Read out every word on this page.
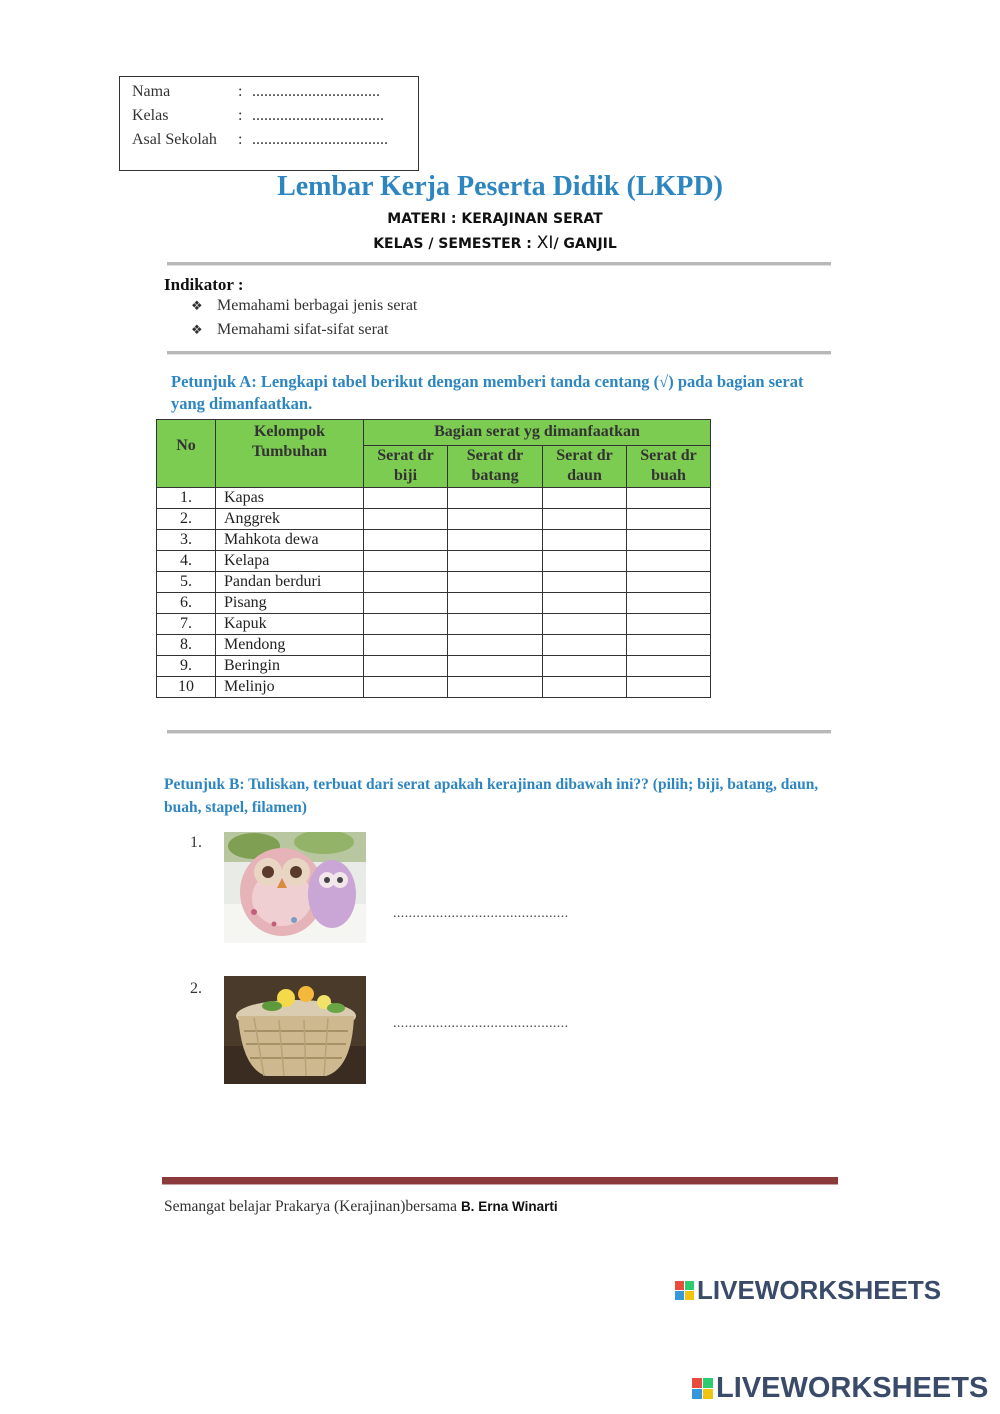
Nama	: ................................
Kelas	: .................................
Asal Sekolah : ..................................
Lembar Kerja Peserta Didik (LKPD)
MATERI : KERAJINAN SERAT
KELAS / SEMESTER : XI/ GANJIL
Indikator :
❖ Memahami berbagai jenis serat
❖ Memahami sifat-sifat serat
Petunjuk A: Lengkapi tabel berikut dengan memberi tanda centang (√) pada bagian serat yang dimanfaatkan.
No	Kelompok Tumbuhan	Bagian serat yg dimanfaatkan			
		Serat dr biji	Serat dr batang	Serat dr daun	Serat dr buah
1.	Kapas				
2.	Anggrek				
3.	Mahkota dewa				
4.	Kelapa				
5.	Pandan berduri				
6.	Pisang				
7.	Kapuk				
8.	Mendong				
9.	Beringin				
10	Melinjo				
Petunjuk B: Tuliskan, terbuat dari serat apakah kerajinan dibawah ini?? (pilih; biji, batang, daun, buah, stapel, filamen)
1.
.............................................
2.
.............................................
Semangat belajar Prakarya (Kerajinan)bersama B. Erna Winarti
LIVEWORKSHEETS
LIVEWORKSHEETS
